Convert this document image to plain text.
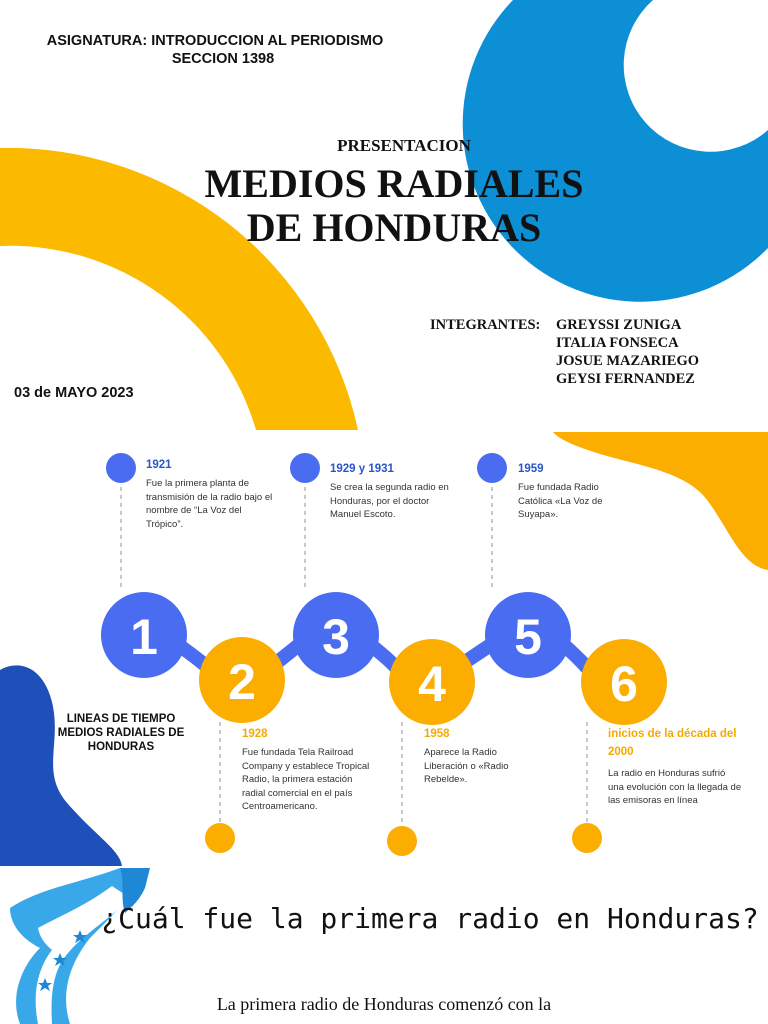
ASIGNATURA: INTRODUCCION AL PERIODISMO
SECCION 1398
PRESENTACION
MEDIOS RADIALES
DE HONDURAS
INTEGRANTES: GREYSSI ZUNIGA
ITALIA FONSECA
JOSUE MAZARIEGO
GEYSI FERNANDEZ
03 de MAYO 2023
1	3	5
2	4	6
1921
Fue la primera planta de transmisión de la radio bajo el nombre de “La Voz del Trópico”.
1929 y 1931
Se crea la segunda radio en Honduras, por el doctor Manuel Escoto.
1959
Fue fundada Radio Católica «La Voz de Suyapa».
1928
Fue fundada Tela Railroad Company y establece Tropical Radio, la primera estación radial comercial en el país Centroamericano.
1958
Aparece la Radio Liberación o «Radio Rebelde».
inicios de la década del 2000
La radio en Honduras sufrió una evolución con la llegada de las emisoras en línea
LINEAS DE TIEMPO MEDIOS RADIALES DE HONDURAS
¿Cuál fue la primera radio en Honduras?
La primera radio de Honduras comenzó con la
